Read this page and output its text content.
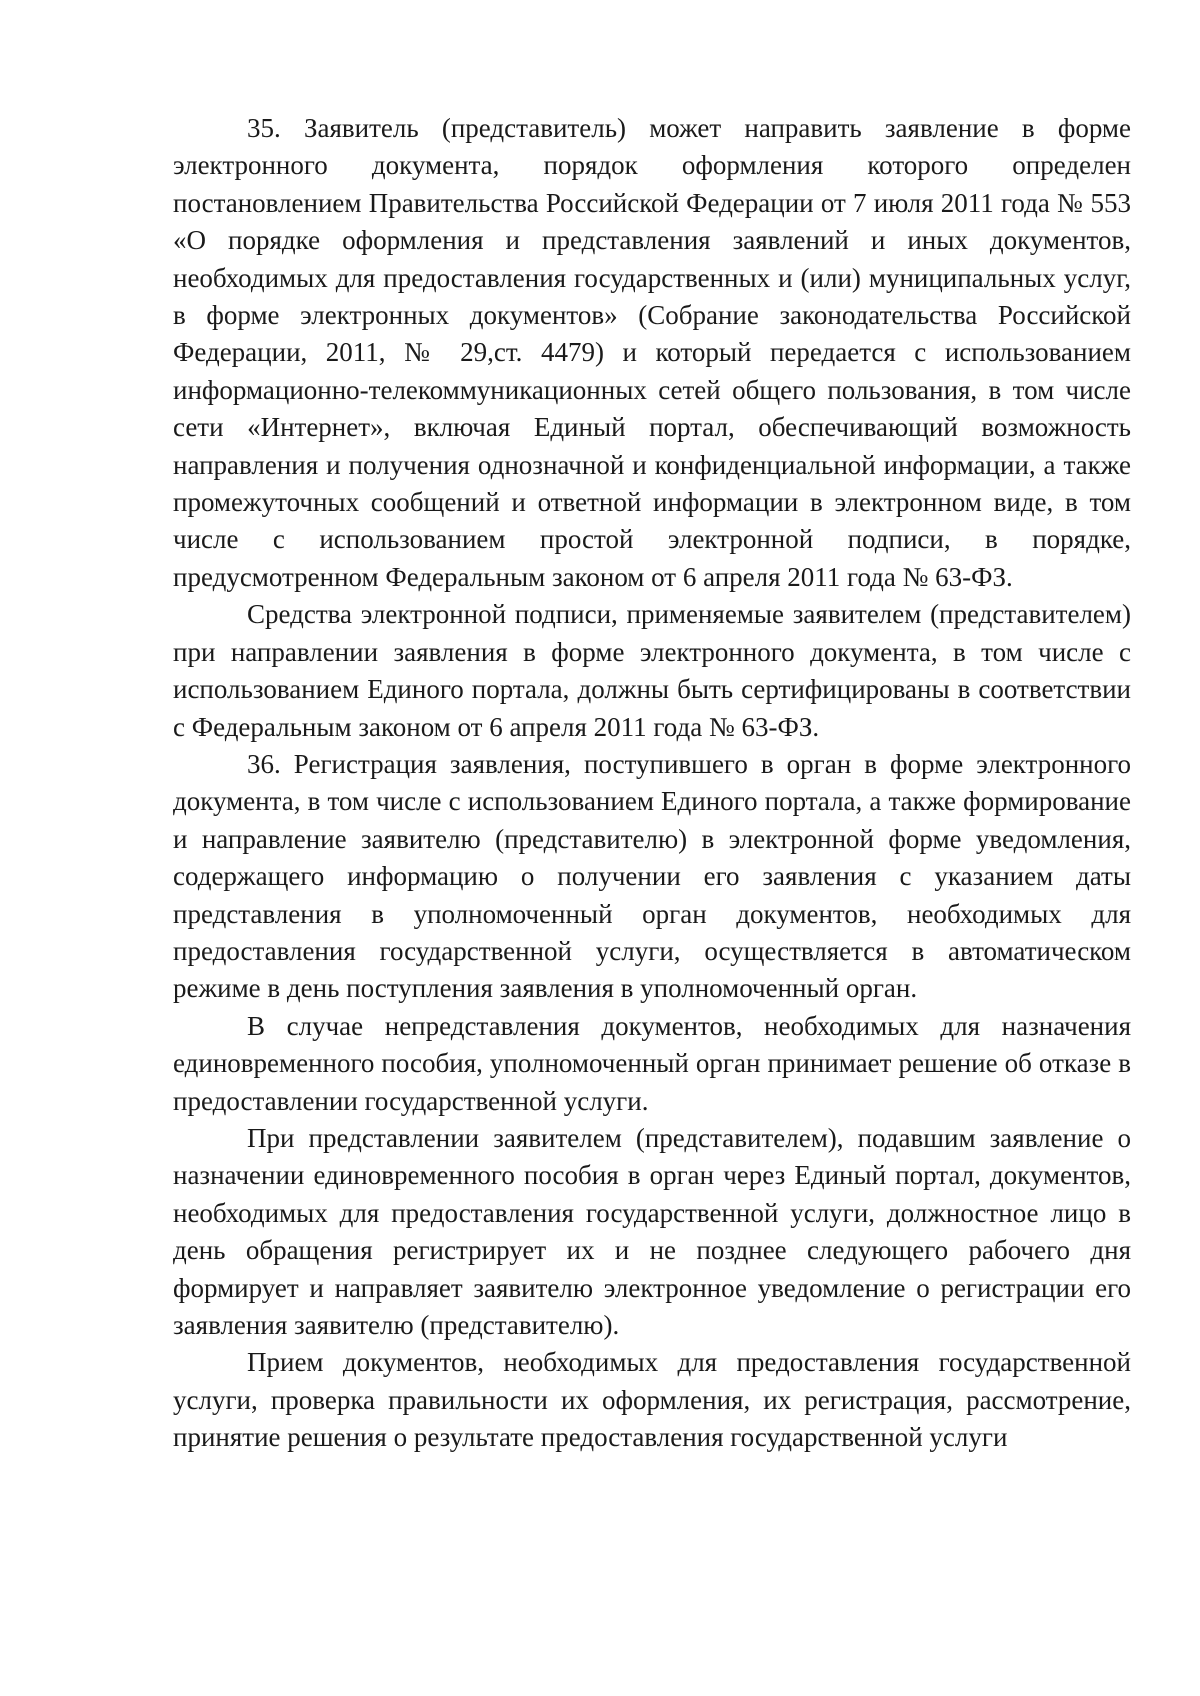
35. Заявитель (представитель) может направить заявление в форме электронного документа, порядок оформления которого определен постановлением Правительства Российской Федерации от 7 июля 2011 года № 553 «О порядке оформления и представления заявлений и иных документов, необходимых для предоставления государственных и (или) муниципальных услуг, в форме электронных документов» (Собрание законодательства Российской Федерации, 2011, № 29,ст. 4479) и который передается с использованием информационно-телекоммуникационных сетей общего пользования, в том числе сети «Интернет», включая Единый портал, обеспечивающий возможность направления и получения однозначной и конфиденциальной информации, а также промежуточных сообщений и ответной информации в электронном виде, в том числе с использованием простой электронной подписи, в порядке, предусмотренном Федеральным законом от 6 апреля 2011 года № 63-ФЗ.

Средства электронной подписи, применяемые заявителем (представителем) при направлении заявления в форме электронного документа, в том числе с использованием Единого портала, должны быть сертифицированы в соответствии с Федеральным законом от 6 апреля 2011 года № 63-ФЗ.

36. Регистрация заявления, поступившего в орган в форме электронного документа, в том числе с использованием Единого портала, а также формирование и направление заявителю (представителю) в электронной форме уведомления, содержащего информацию о получении его заявления с указанием даты представления в уполномоченный орган документов, необходимых для предоставления государственной услуги, осуществляется в автоматическом режиме в день поступления заявления в уполномоченный орган.

В случае непредставления документов, необходимых для назначения единовременного пособия, уполномоченный орган принимает решение об отказе в предоставлении государственной услуги.

При представлении заявителем (представителем), подавшим заявление о назначении единовременного пособия в орган через Единый портал, документов, необходимых для предоставления государственной услуги, должностное лицо в день обращения регистрирует их и не позднее следующего рабочего дня формирует и направляет заявителю электронное уведомление о регистрации его заявления заявителю (представителю).

Прием документов, необходимых для предоставления государственной услуги, проверка правильности их оформления, их регистрация, рассмотрение, принятие решения о результате предоставления государственной услуги
